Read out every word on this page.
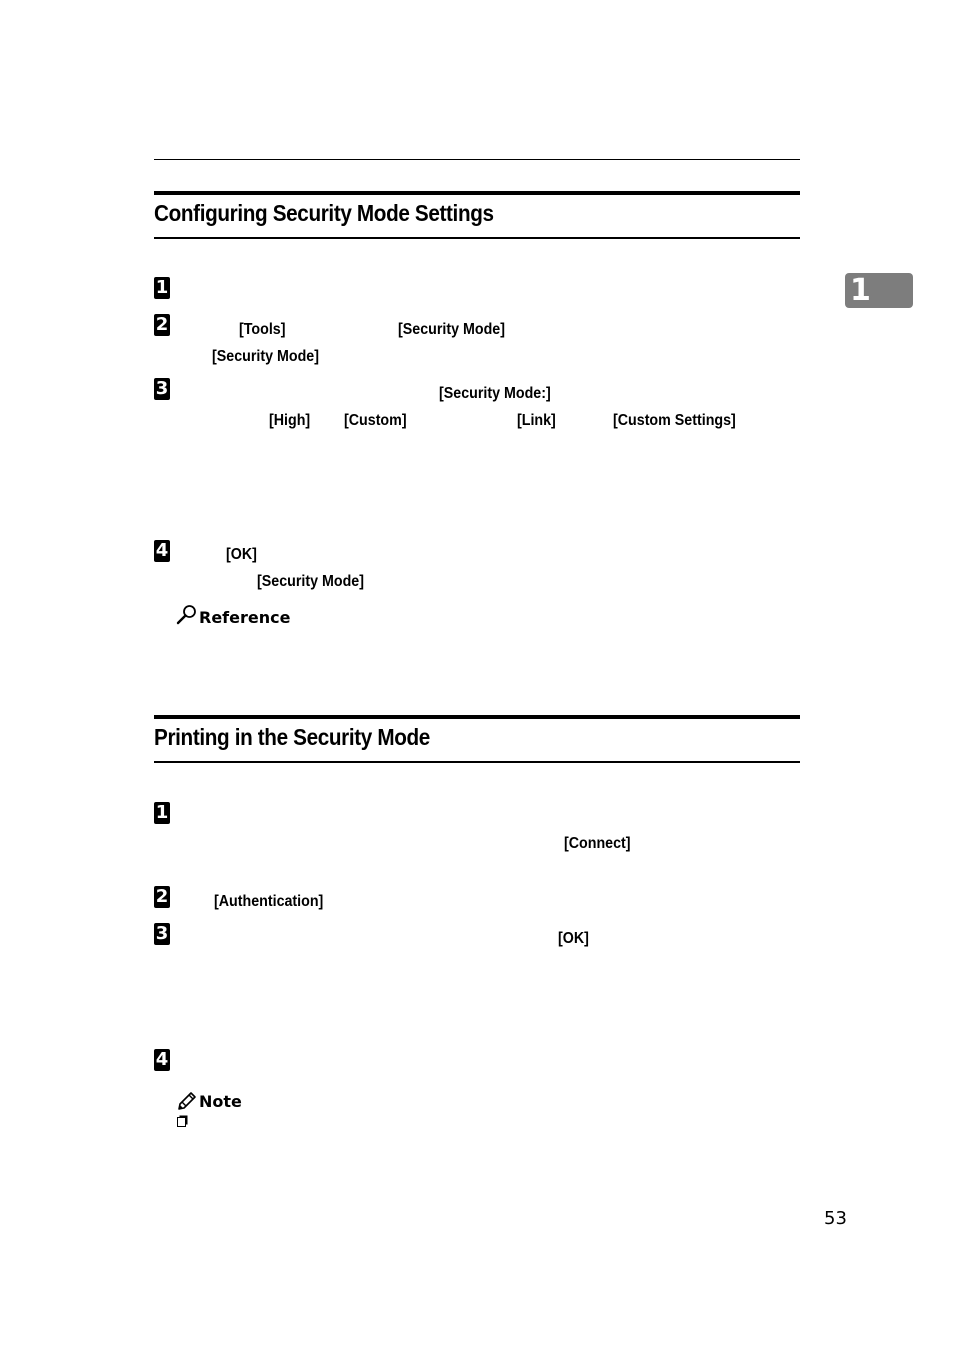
1
Configuring Security Mode Settings
1
2	[Tools]	[Security Mode]
[Security Mode]
3	[Security Mode:]
[High] [Custom]	[Link]	[Custom Settings]
4	[OK]
[Security Mode]
Reference
Printing in the Security Mode
1
[Connect]
2	[Authentication]
3	[OK]
4
Note
53
